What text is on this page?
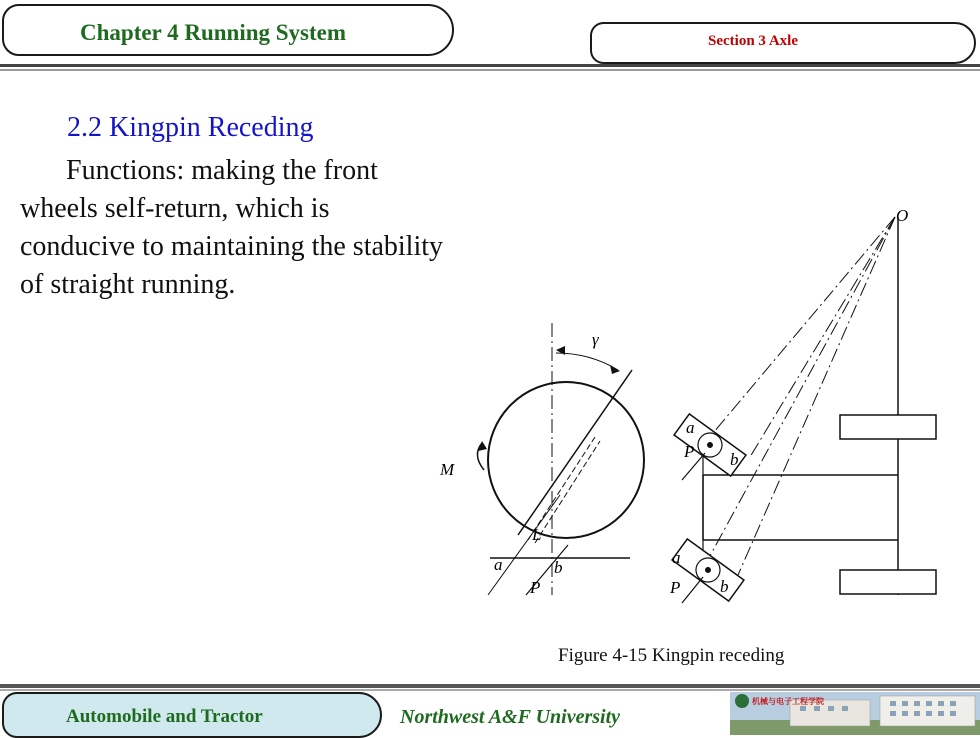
Chapter 4 Running System	Section 3 Axle
2.2 Kingpin Receding
Functions: making the front wheels self-return, which is conducive to maintaining the stability of straight running.
γ
M
L
a	b
P
O
a
b
P
a
b
P
Figure 4-15 Kingpin receding
Automobile and Tractor	Northwest A&F University
机械与电子工程学院
